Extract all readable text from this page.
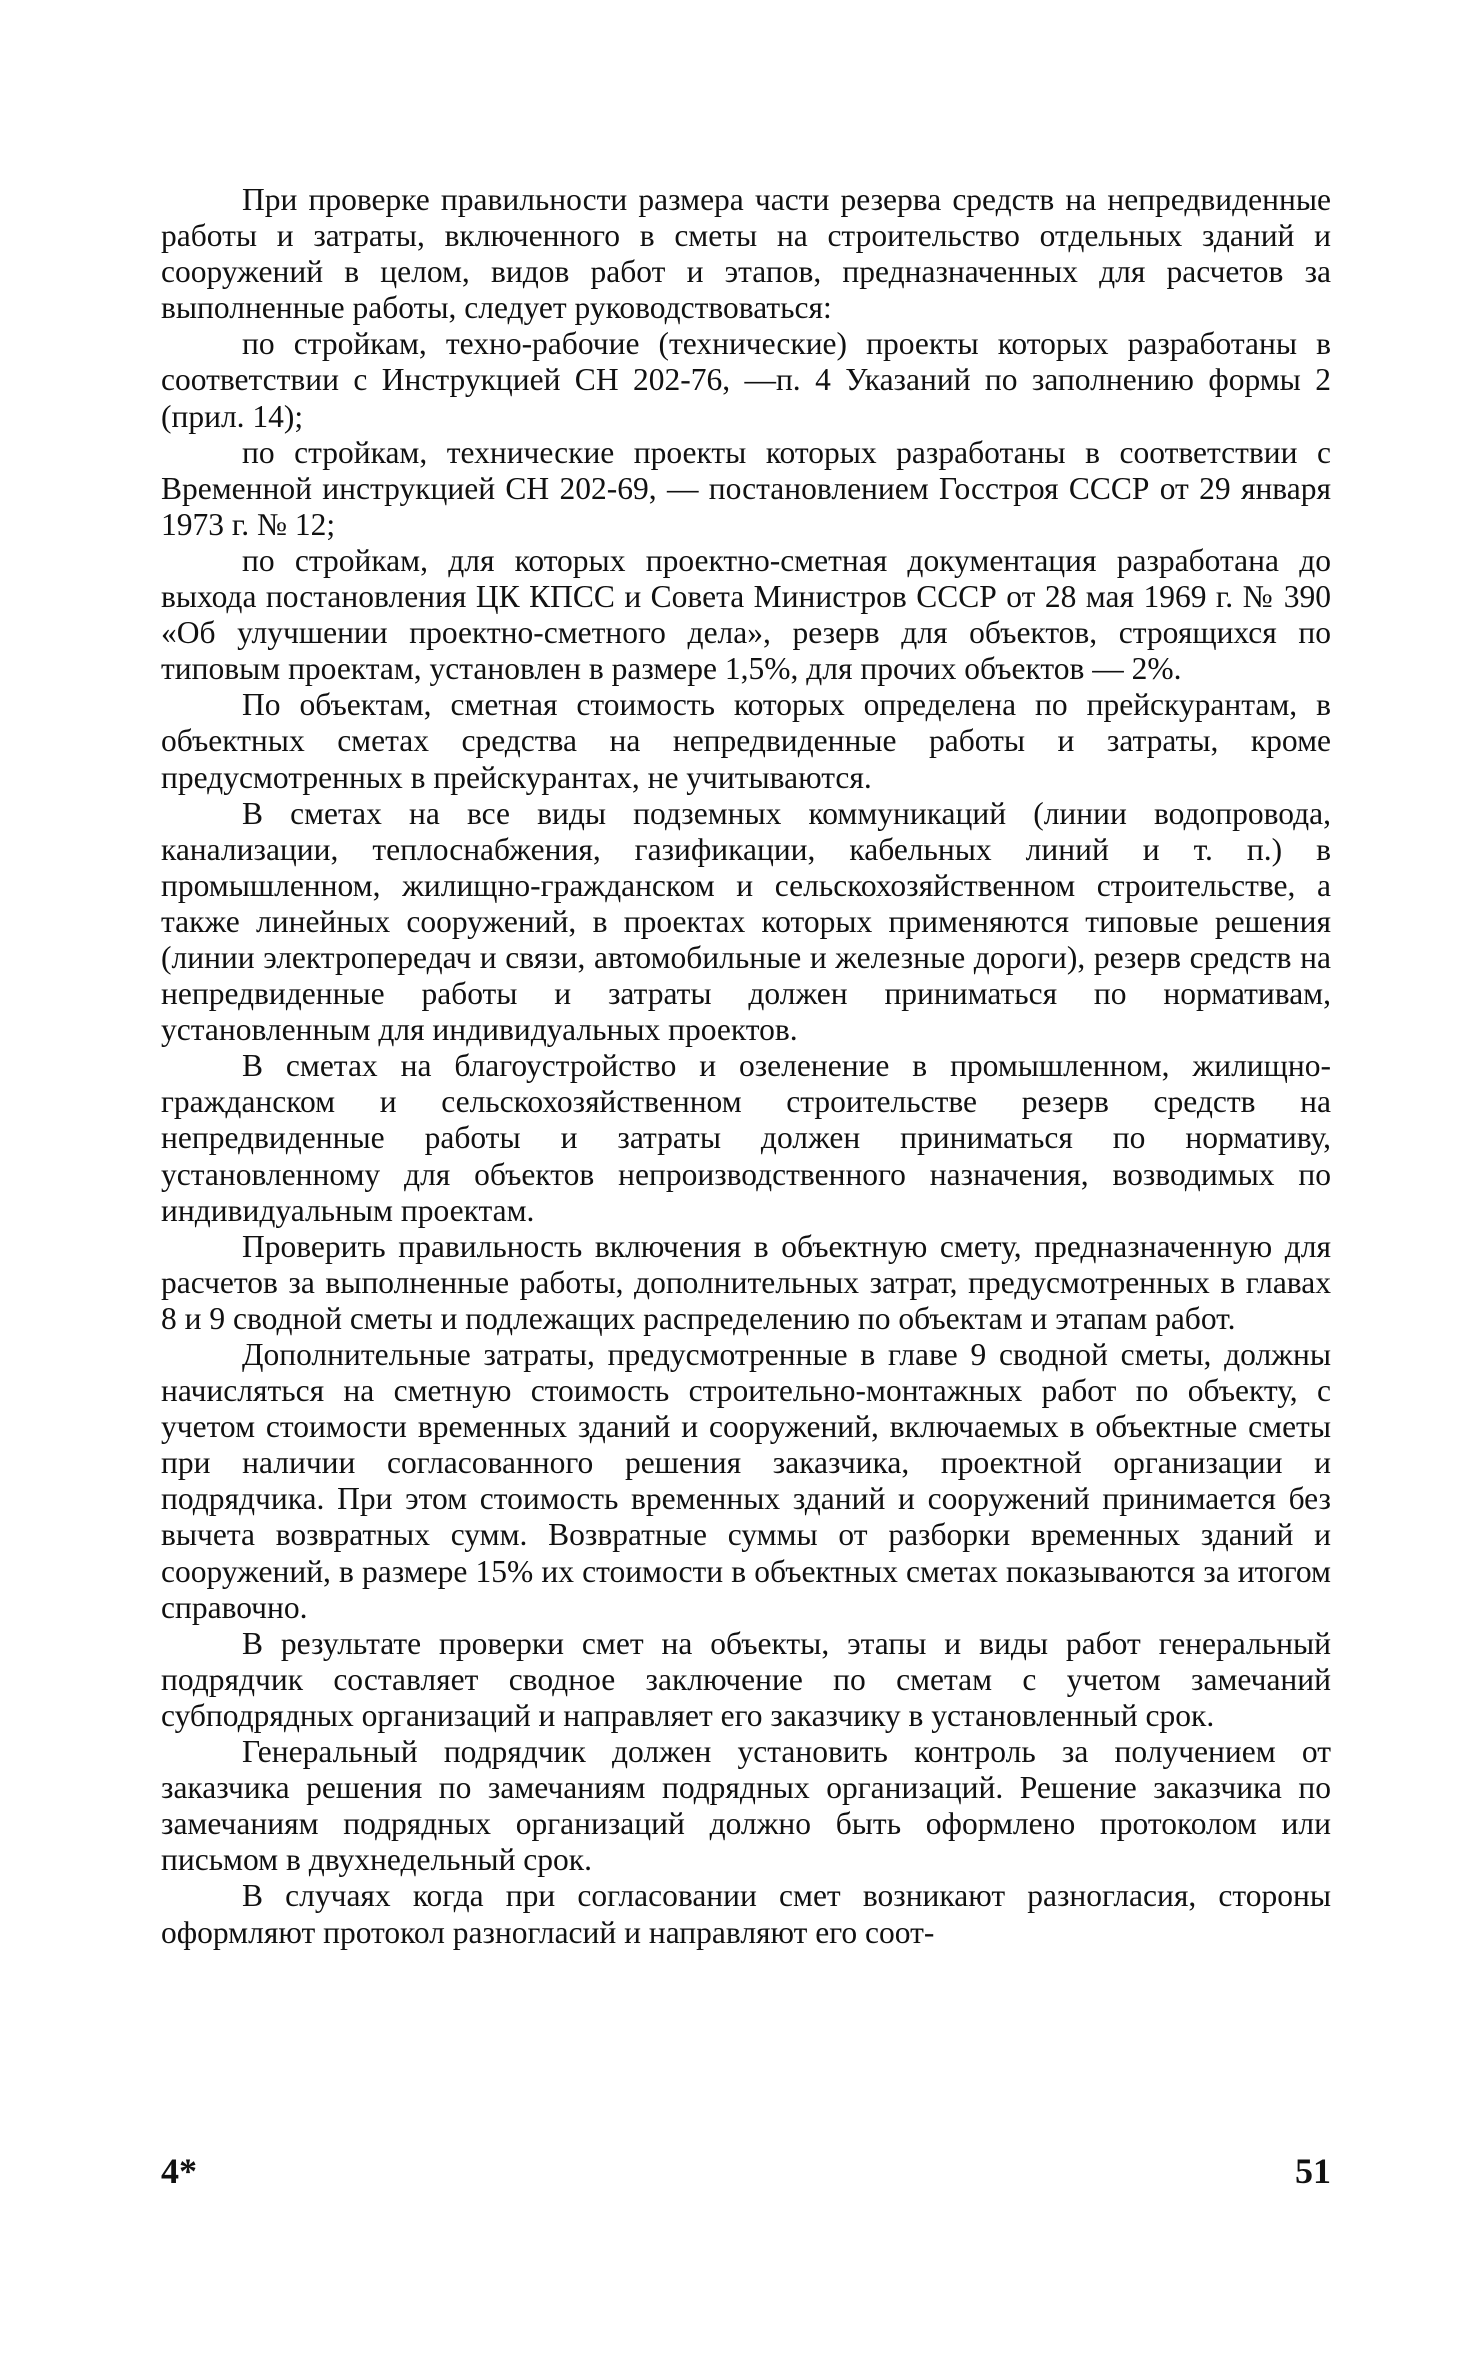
При проверке правильности размера части резерва средств на непредвиденные работы и затраты, включенного в сметы на строительство отдельных зданий и сооружений в целом, видов работ и этапов, предназначенных для расчетов за выполненные работы, следует руководствоваться:

по стройкам, техно-рабочие (технические) проекты которых разработаны в соответствии с Инструкцией СН 202-76, —п. 4 Указаний по заполнению формы 2 (прил. 14);

по стройкам, технические проекты которых разработаны в соответствии с Временной инструкцией СН 202-69, — постановлением Госстроя СССР от 29 января 1973 г. № 12;

по стройкам, для которых проектно-сметная документация разработана до выхода постановления ЦК КПСС и Совета Министров СССР от 28 мая 1969 г. № 390 «Об улучшении проектно-сметного дела», резерв для объектов, строящихся по типовым проектам, установлен в размере 1,5%, для прочих объектов — 2%.

По объектам, сметная стоимость которых определена по прейскурантам, в объектных сметах средства на непредвиденные работы и затраты, кроме предусмотренных в прейскурантах, не учитываются.

В сметах на все виды подземных коммуникаций (линии водопровода, канализации, теплоснабжения, газификации, кабельных линий и т. п.) в промышленном, жилищно-гражданском и сельскохозяйственном строительстве, а также линейных сооружений, в проектах которых применяются типовые решения (линии электропередач и связи, автомобильные и железные дороги), резерв средств на непредвиденные работы и затраты должен приниматься по нормативам, установленным для индивидуальных проектов.

В сметах на благоустройство и озеленение в промышленном, жилищно-гражданском и сельскохозяйственном строительстве резерв средств на непредвиденные работы и затраты должен приниматься по нормативу, установленному для объектов непроизводственного назначения, возводимых по индивидуальным проектам.

Проверить правильность включения в объектную смету, предназначенную для расчетов за выполненные работы, дополнительных затрат, предусмотренных в главах 8 и 9 сводной сметы и подлежащих распределению по объектам и этапам работ.

Дополнительные затраты, предусмотренные в главе 9 сводной сметы, должны начисляться на сметную стоимость строительно-монтажных работ по объекту, с учетом стоимости временных зданий и сооружений, включаемых в объектные сметы при наличии согласованного решения заказчика, проектной организации и подрядчика. При этом стоимость временных зданий и сооружений принимается без вычета возвратных сумм. Возвратные суммы от разборки временных зданий и сооружений, в размере 15% их стоимости в объектных сметах показываются за итогом справочно.

В результате проверки смет на объекты, этапы и виды работ генеральный подрядчик составляет сводное заключение по сметам с учетом замечаний субподрядных организаций и направляет его заказчику в установленный срок.

Генеральный подрядчик должен установить контроль за получением от заказчика решения по замечаниям подрядных организаций. Решение заказчика по замечаниям подрядных организаций должно быть оформлено протоколом или письмом в двухнедельный срок.

В случаях когда при согласовании смет возникают разногласия, стороны оформляют протокол разногласий и направляют его соот-

4*	51
